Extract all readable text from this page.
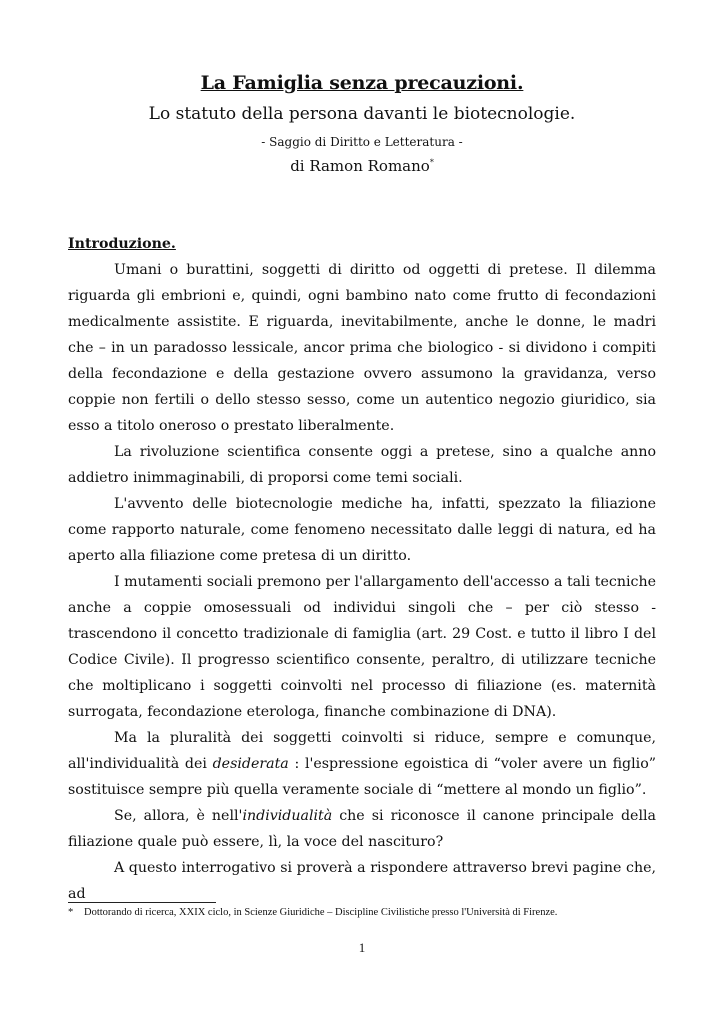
La Famiglia senza precauzioni.
Lo statuto della persona davanti le biotecnologie.
- Saggio di Diritto e Letteratura -
di Ramon Romano*
Introduzione.

Umani o burattini, soggetti di diritto od oggetti di pretese. Il dilemma riguarda gli embrioni e, quindi, ogni bambino nato come frutto di fecondazioni medicalmente assistite. E riguarda, inevitabilmente, anche le donne, le madri che – in un paradosso lessicale, ancor prima che biologico - si dividono i compiti della fecondazione e della gestazione ovvero assumono la gravidanza, verso coppie non fertili o dello stesso sesso, come un autentico negozio giuridico, sia esso a titolo oneroso o prestato liberalmente.

La rivoluzione scientifica consente oggi a pretese, sino a qualche anno addietro inimmaginabili, di proporsi come temi sociali.

L'avvento delle biotecnologie mediche ha, infatti, spezzato la filiazione come rapporto naturale, come fenomeno necessitato dalle leggi di natura, ed ha aperto alla filiazione come pretesa di un diritto.

I mutamenti sociali premono per l'allargamento dell'accesso a tali tecniche anche a coppie omosessuali od individui singoli che – per ciò stesso - trascendono il concetto tradizionale di famiglia (art. 29 Cost. e tutto il libro I del Codice Civile). Il progresso scientifico consente, peraltro, di utilizzare tecniche che moltiplicano i soggetti coinvolti nel processo di filiazione (es. maternità surrogata, fecondazione eterologa, finanche combinazione di DNA).

Ma la pluralità dei soggetti coinvolti si riduce, sempre e comunque, all'individualità dei desiderata : l'espressione egoistica di “voler avere un figlio” sostituisce sempre più quella veramente sociale di “mettere al mondo un figlio”.

Se, allora, è nell'individualità che si riconosce il canone principale della filiazione quale può essere, lì, la voce del nascituro?

A questo interrogativo si proverà a rispondere attraverso brevi pagine che, ad

* Dottorando di ricerca, XXIX ciclo, in Scienze Giuridiche – Discipline Civilistiche presso l'Università di Firenze.
1
